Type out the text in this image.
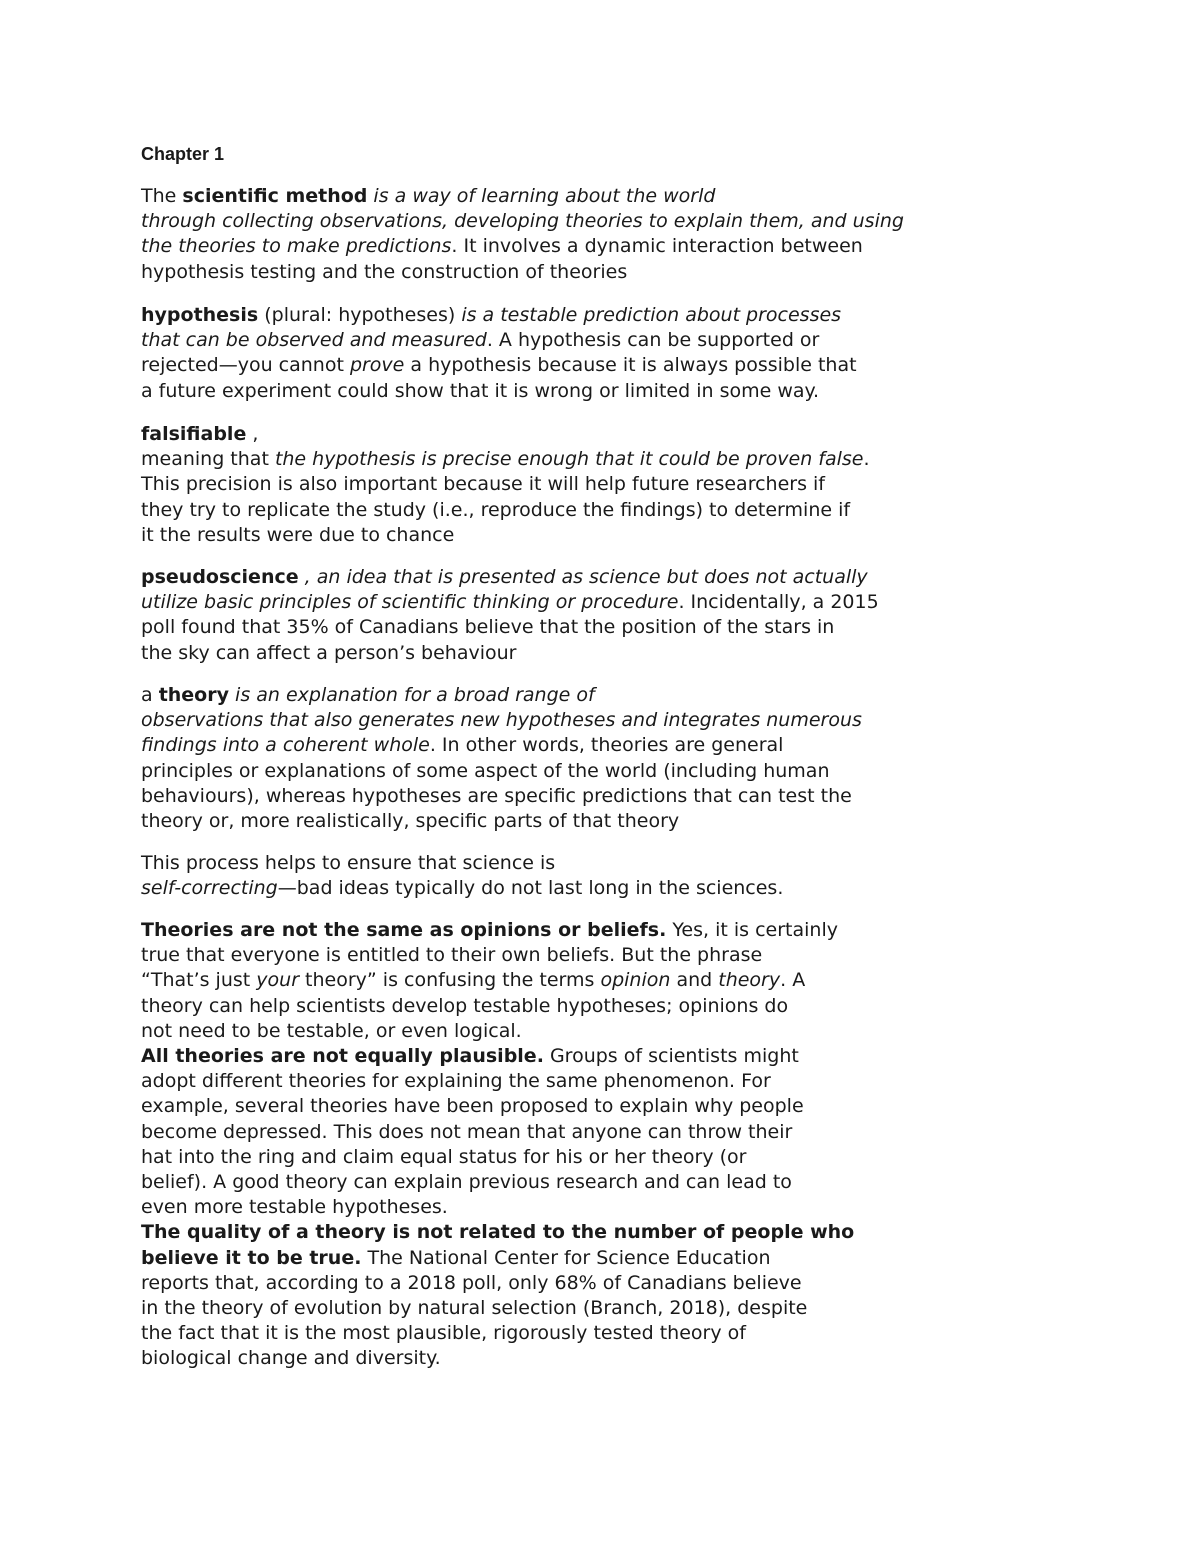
Chapter 1

The scientific method is a way of learning about the world
through collecting observations, developing theories to explain them, and using
the theories to make predictions. It involves a dynamic interaction between
hypothesis testing and the construction of theories

hypothesis (plural: hypotheses) is a testable prediction about processes
that can be observed and measured. A hypothesis can be supported or
rejected—you cannot prove a hypothesis because it is always possible that
a future experiment could show that it is wrong or limited in some way.

falsifiable ,
meaning that the hypothesis is precise enough that it could be proven false.
This precision is also important because it will help future researchers if
they try to replicate the study (i.e., reproduce the findings) to determine if
it the results were due to chance

pseudoscience , an idea that is presented as science but does not actually
utilize basic principles of scientific thinking or procedure. Incidentally, a 2015
poll found that 35% of Canadians believe that the position of the stars in
the sky can affect a person’s behaviour

a theory is an explanation for a broad range of
observations that also generates new hypotheses and integrates numerous
findings into a coherent whole. In other words, theories are general
principles or explanations of some aspect of the world (including human
behaviours), whereas hypotheses are specific predictions that can test the
theory or, more realistically, specific parts of that theory

This process helps to ensure that science is
self-correcting—bad ideas typically do not last long in the sciences.

Theories are not the same as opinions or beliefs. Yes, it is certainly
true that everyone is entitled to their own beliefs. But the phrase
“That’s just your theory” is confusing the terms opinion and theory. A
theory can help scientists develop testable hypotheses; opinions do
not need to be testable, or even logical.
All theories are not equally plausible. Groups of scientists might
adopt different theories for explaining the same phenomenon. For
example, several theories have been proposed to explain why people
become depressed. This does not mean that anyone can throw their
hat into the ring and claim equal status for his or her theory (or
belief). A good theory can explain previous research and can lead to
even more testable hypotheses.
The quality of a theory is not related to the number of people who
believe it to be true. The National Center for Science Education
reports that, according to a 2018 poll, only 68% of Canadians believe
in the theory of evolution by natural selection (Branch, 2018), despite
the fact that it is the most plausible, rigorously tested theory of
biological change and diversity.
